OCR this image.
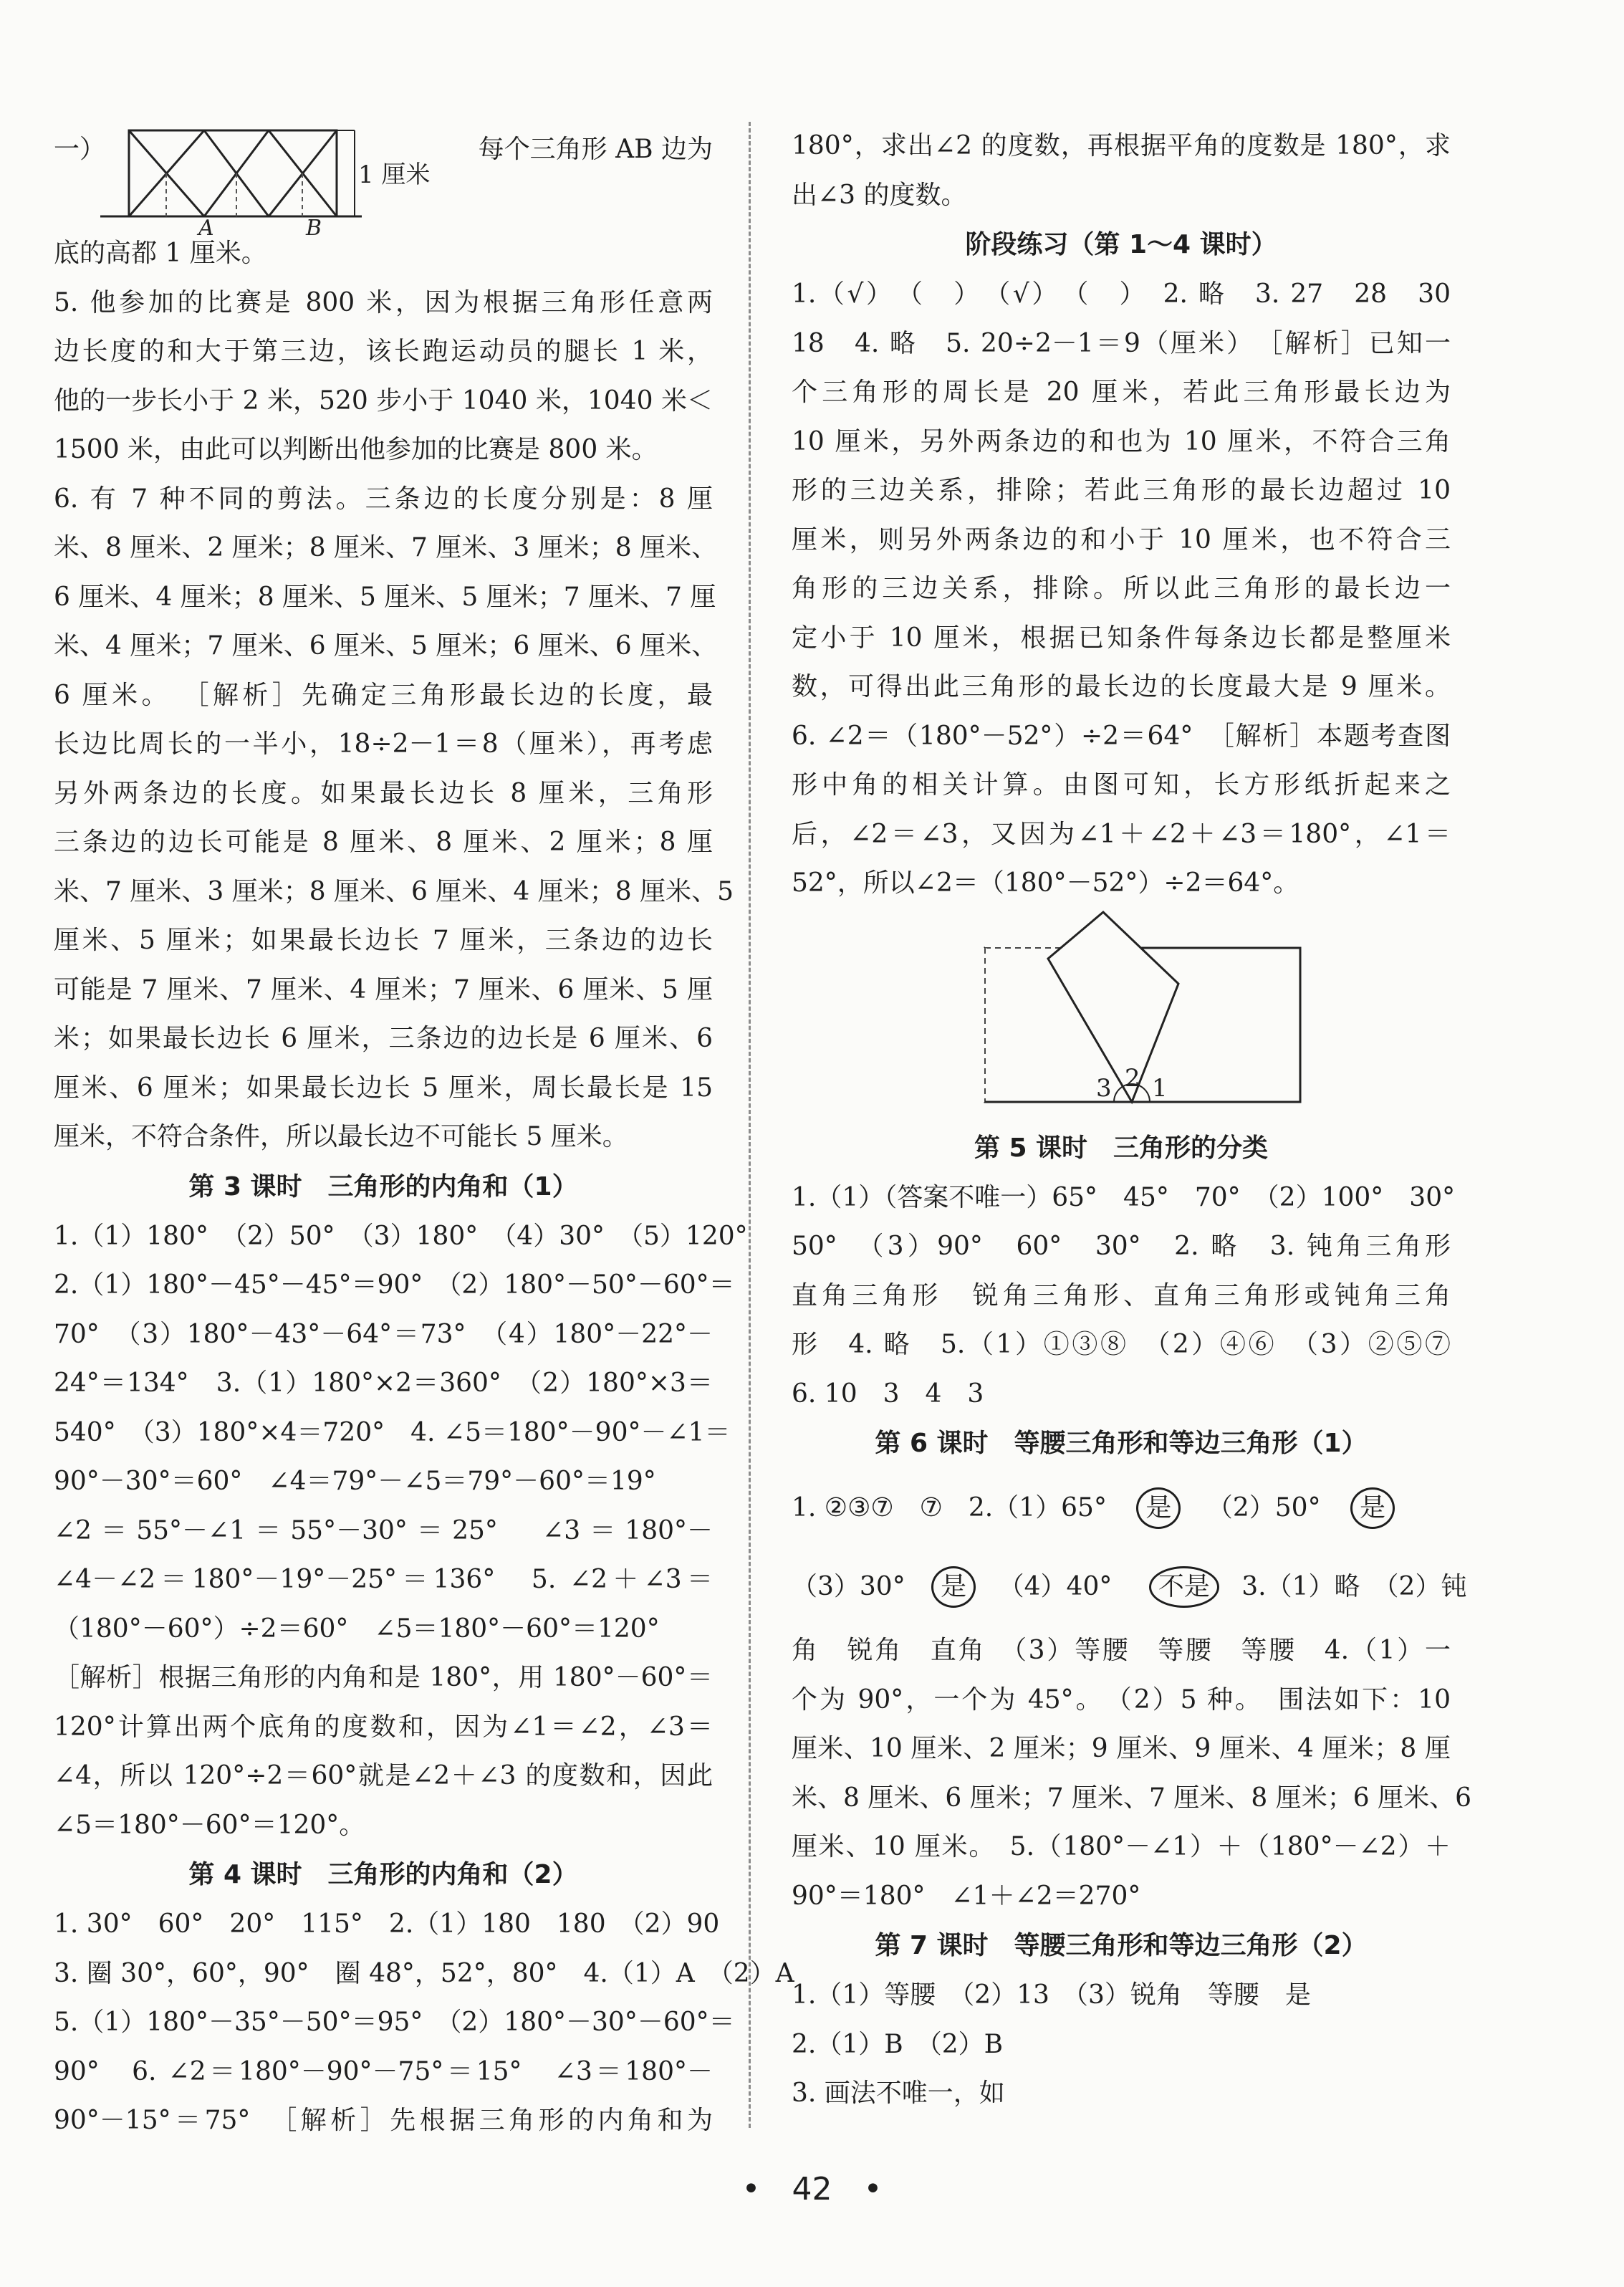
一）
1 厘米
A	B
每个三角形 AB 边为
底的高都 1 厘米。
5. 他参加的比赛是 800 米，因为根据三角形任意两
边长度的和大于第三边，该长跑运动员的腿长 1 米，
他的一步长小于 2 米，520 步小于 1040 米，1040 米＜
1500 米，由此可以判断出他参加的比赛是 800 米。
6. 有 7 种不同的剪法。三条边的长度分别是：8 厘
米、8 厘米、2 厘米；8 厘米、7 厘米、3 厘米；8 厘米、
6 厘米、4 厘米；8 厘米、5 厘米、5 厘米；7 厘米、7 厘
米、4 厘米；7 厘米、6 厘米、5 厘米；6 厘米、6 厘米、
6 厘米。 ［解析］先确定三角形最长边的长度，最
长边比周长的一半小，18÷2－1＝8（厘米），再考虑
另外两条边的长度。如果最长边长 8 厘米，三角形
三条边的边长可能是 8 厘米、8 厘米、2 厘米；8 厘
米、7 厘米、3 厘米；8 厘米、6 厘米、4 厘米；8 厘米、5
厘米、5 厘米；如果最长边长 7 厘米，三条边的边长
可能是 7 厘米、7 厘米、4 厘米；7 厘米、6 厘米、5 厘
米；如果最长边长 6 厘米，三条边的边长是 6 厘米、6
厘米、6 厘米；如果最长边长 5 厘米，周长最长是 15
厘米，不符合条件，所以最长边不可能长 5 厘米。
第 3 课时　三角形的内角和（1）
1.（1）180°　（2）50°　（3）180°　（4）30°　（5）120°
2.（1）180°－45°－45°＝90°　（2）180°－50°－60°＝
70°　（3）180°－43°－64°＝73°　（4）180°－22°－
24°＝134°　3.（1）180°×2＝360°　（2）180°×3＝
540°　（3）180°×4＝720°　4. ∠5＝180°－90°－∠1＝
90°－30°＝60°　∠4＝79°－∠5＝79°－60°＝19°
∠2＝55°－∠1＝55°－30°＝25°　∠3＝180°－
∠4－∠2＝180°－19°－25°＝136°　5. ∠2＋∠3＝
（180°－60°）÷2＝60°　∠5＝180°－60°＝120°
［解析］根据三角形的内角和是 180°，用 180°－60°＝
120°计算出两个底角的度数和，因为∠1＝∠2，∠3＝
∠4，所以 120°÷2＝60°就是∠2＋∠3 的度数和，因此
∠5＝180°－60°＝120°。
第 4 课时　三角形的内角和（2）
1. 30°　60°　20°　115°　2.（1）180　180　（2）90
3. 圈 30°，60°，90°　圈 48°，52°，80°　4.（1）A　（2）A
5.（1）180°－35°－50°＝95°　（2）180°－30°－60°＝
90°　6. ∠2＝180°－90°－75°＝15°　∠3＝180°－
90°－15°＝75°　［解析］先根据三角形的内角和为
180°，求出∠2 的度数，再根据平角的度数是 180°，求
出∠3 的度数。
阶段练习（第 1～4 课时）
1.（√）　（　）　（√）　（　）　2. 略　3. 27　28　30
18　4. 略　5. 20÷2－1＝9（厘米）　［解析］已知一
个三角形的周长是 20 厘米，若此三角形最长边为
10 厘米，另外两条边的和也为 10 厘米，不符合三角
形的三边关系，排除；若此三角形的最长边超过 10
厘米，则另外两条边的和小于 10 厘米，也不符合三
角形的三边关系，排除。所以此三角形的最长边一
定小于 10 厘米，根据已知条件每条边长都是整厘米
数，可得出此三角形的最长边的长度最大是 9 厘米。
6. ∠2＝（180°－52°）÷2＝64°　［解析］本题考查图
形中角的相关计算。由图可知，长方形纸折起来之
后，∠2＝∠3，又因为∠1＋∠2＋∠3＝180°，∠1＝
52°，所以∠2＝（180°－52°）÷2＝64°。
3 2 1
第 5 课时　三角形的分类
1.（1）（答案不唯一）65°　45°　70°　（2）100°　30°
50°　（3）90°　60°　30°　2. 略　3. 钝角三角形
直角三角形　锐角三角形、直角三角形或钝角三角
形　4. 略　5.（1）①③⑧　（2）④⑥　（3）②⑤⑦
6. 10　3　4　3
第 6 课时　等腰三角形和等边三角形（1）
1. ②③⑦　⑦　2.（1）65° 是 （2）50° 是
（3）30° 是 （4）40° 不是 3.（1）略　（2）钝
角　锐角　直角　（3）等腰　等腰　等腰　4.（1）一
个为 90°，一个为 45°。　（2）5 种。　围法如下：10
厘米、10 厘米、2 厘米；9 厘米、9 厘米、4 厘米；8 厘
米、8 厘米、6 厘米；7 厘米、7 厘米、8 厘米；6 厘米、6
厘米、10 厘米。　5.（180°－∠1）＋（180°－∠2）＋
90°＝180°　∠1＋∠2＝270°
第 7 课时　等腰三角形和等边三角形（2）
1.（1）等腰　（2）13　（3）锐角　等腰　是
2.（1）B　（2）B
3. 画法不唯一，如
• 42 •
